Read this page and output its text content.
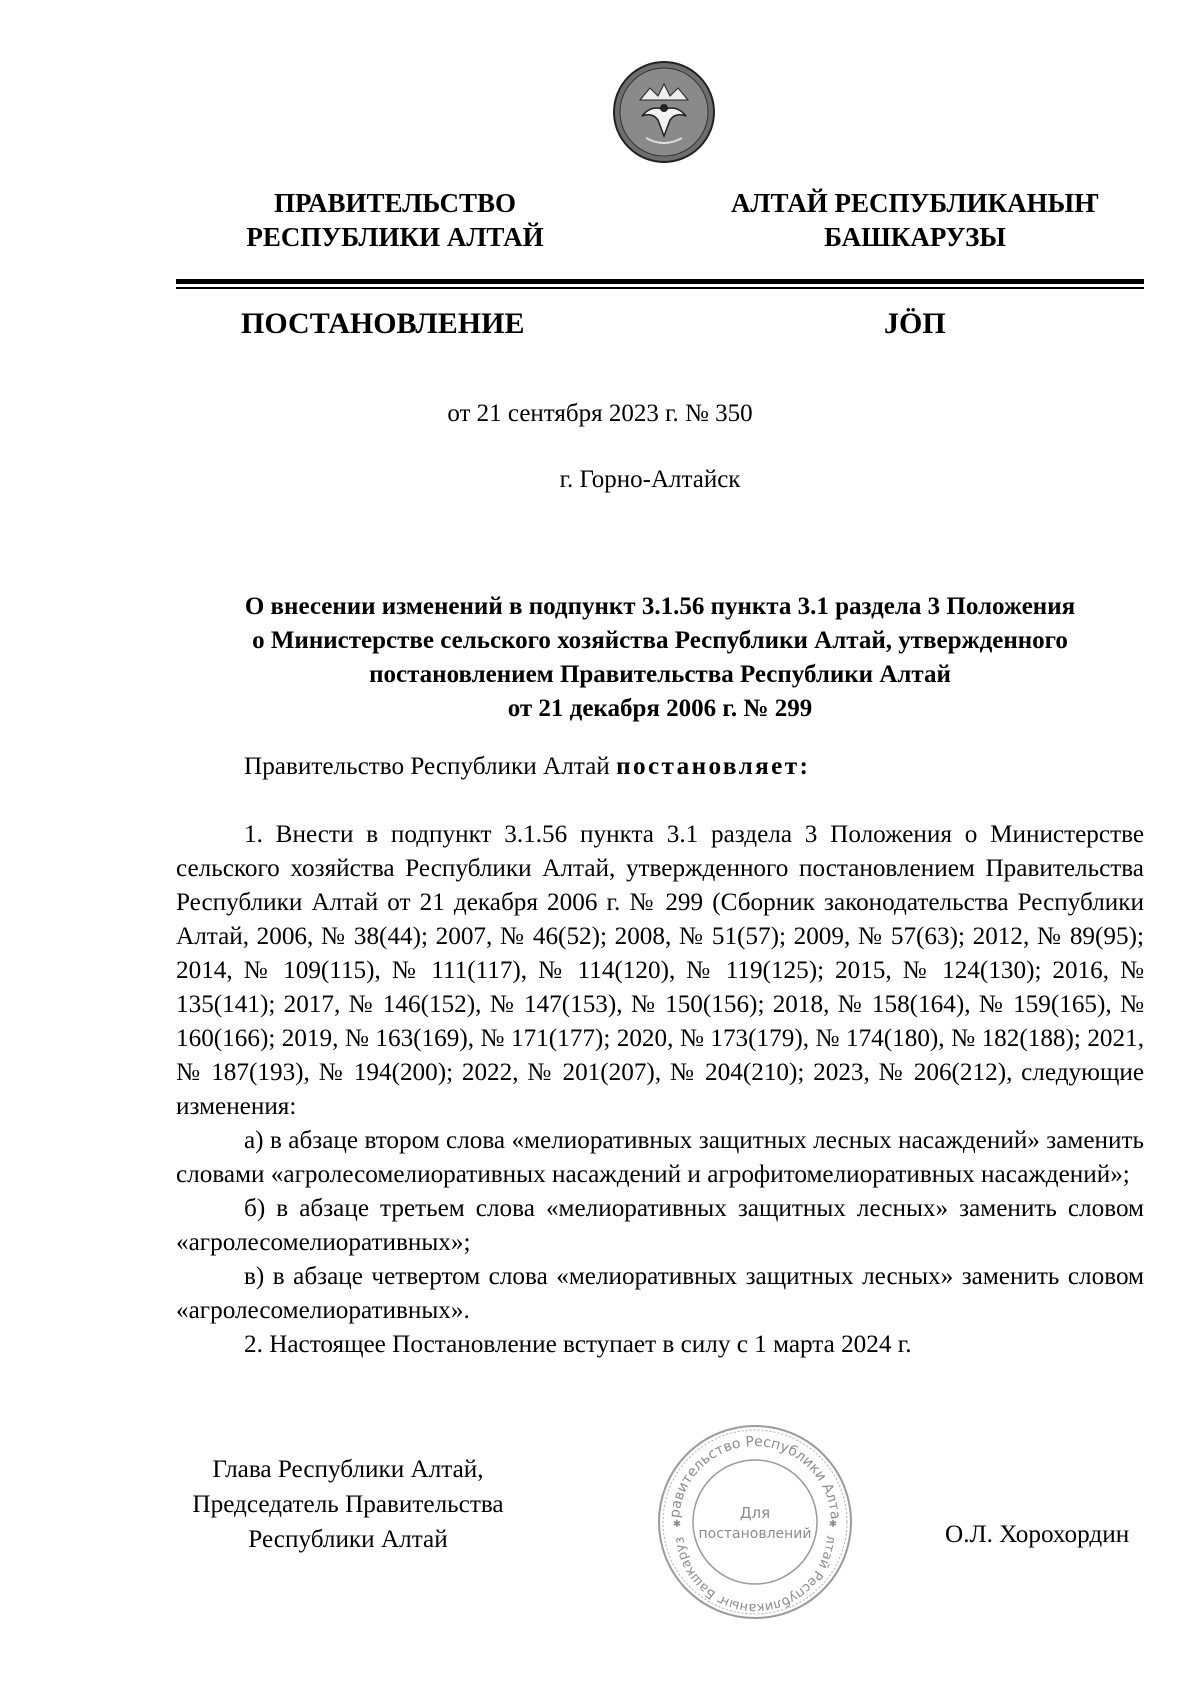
ПРАВИТЕЛЬСТВО
РЕСПУБЛИКИ АЛТАЙ
АЛТАЙ РЕСПУБЛИКАНЫҤ
БАШКАРУЗЫ
ПОСТАНОВЛЕНИЕ	JӦП
от 21 сентября 2023 г. № 350
г. Горно-Алтайск
О внесении изменений в подпункт 3.1.56 пункта 3.1 раздела 3 Положения
о Министерстве сельского хозяйства Республики Алтай, утвержденного
постановлением Правительства Республики Алтай
от 21 декабря 2006 г. № 299

Правительство Республики Алтай постановляет:

1. Внести в подпункт 3.1.56 пункта 3.1 раздела 3 Положения о Министерстве сельского хозяйства Республики Алтай, утвержденного постановлением Правительства Республики Алтай от 21 декабря 2006 г. № 299 (Сборник законодательства Республики Алтай, 2006, № 38(44); 2007, № 46(52); 2008, № 51(57); 2009, № 57(63); 2012, № 89(95); 2014, № 109(115), № 111(117), № 114(120), № 119(125); 2015, № 124(130); 2016, № 135(141); 2017, № 146(152), № 147(153), № 150(156); 2018, № 158(164), № 159(165), № 160(166); 2019, № 163(169), № 171(177); 2020, № 173(179), № 174(180), № 182(188); 2021, № 187(193), № 194(200); 2022, № 201(207), № 204(210); 2023, № 206(212), следующие изменения:

а) в абзаце втором слова «мелиоративных защитных лесных насаждений» заменить словами «агролесомелиоративных насаждений и агрофитомелиоративных насаждений»;

б) в абзаце третьем слова «мелиоративных защитных лесных» заменить словом «агролесомелиоративных»;

в) в абзаце четвертом слова «мелиоративных защитных лесных» заменить словом «агролесомелиоративных».

2. Настоящее Постановление вступает в силу с 1 марта 2024 г.

Глава Республики Алтай,
Председатель Правительства
Республики Алтай	О.Л. Хорохордин
равительство Республики Алта
лтай Республиканыҥ Башкаруз
Для
постановлений
✱	✱
